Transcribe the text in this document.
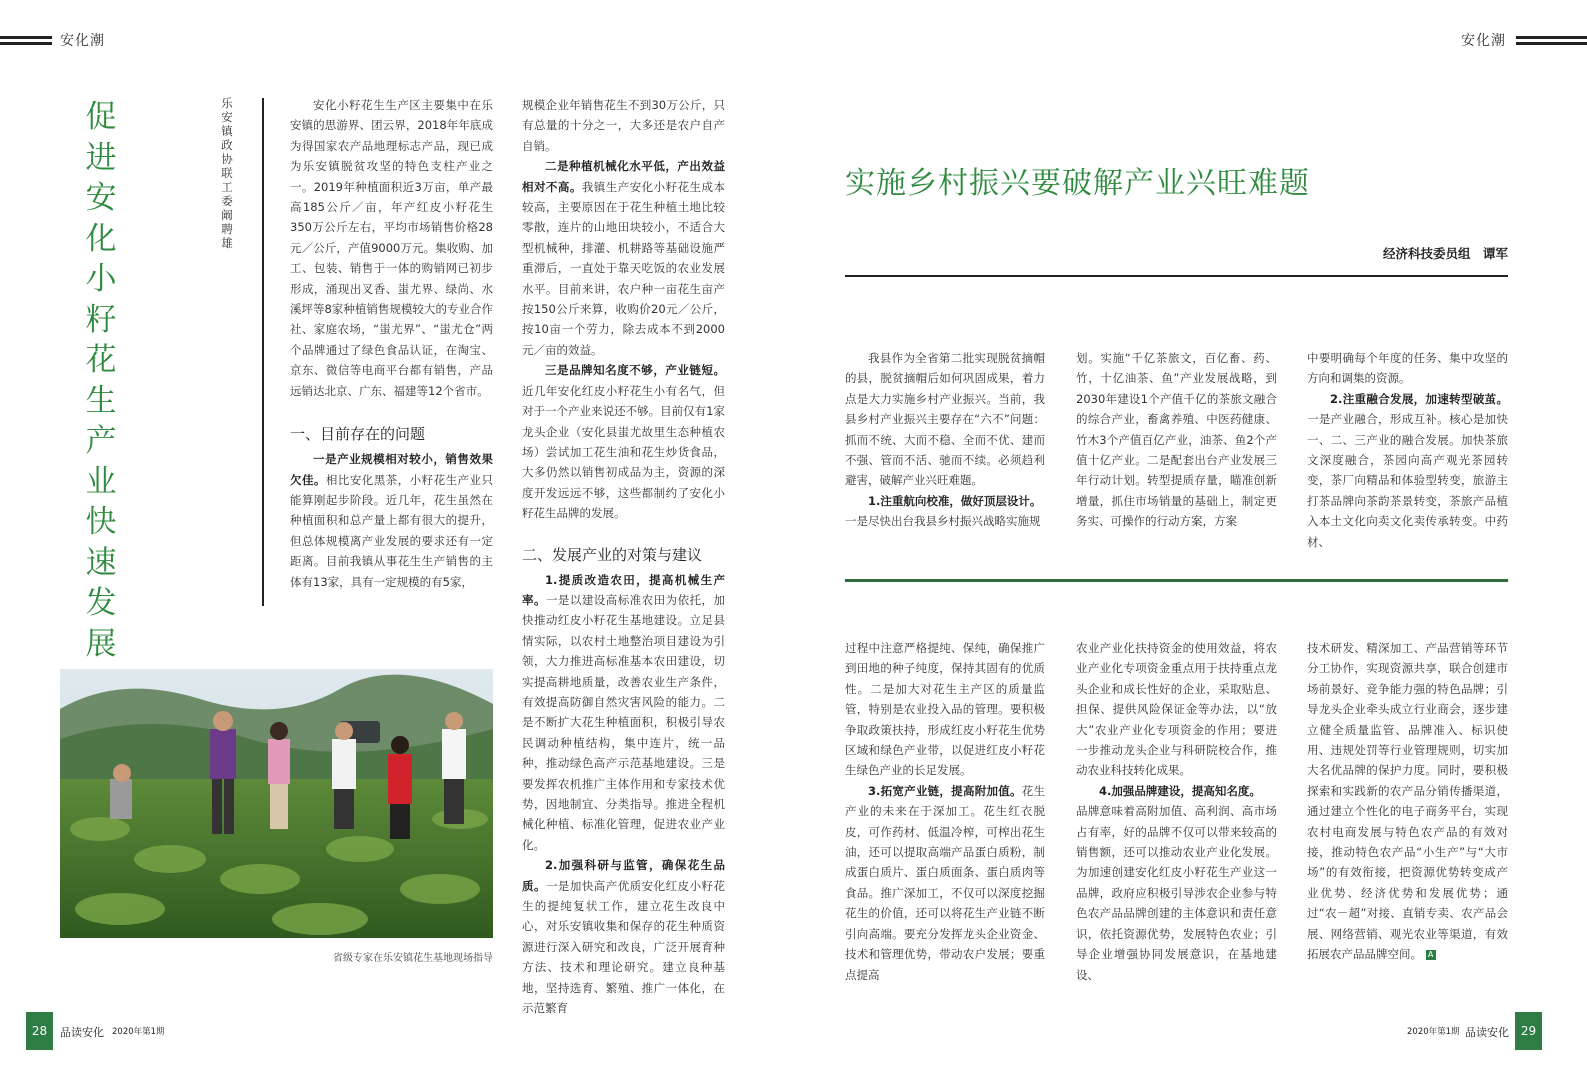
安化潮	安化潮
促
进
安
化
小
籽
花
生
产
业
快
速
发
展
乐安镇政协联工委　阚聘雄

安化小籽花生生产区主要集中在乐安镇的思游界、团云界，2018年年底成为得国家农产品地理标志产品，现已成为乐安镇脱贫攻坚的特色支柱产业之一。2019年种植面积近3万亩，单产最高185公斤／亩，年产红皮小籽花生350万公斤左右，平均市场销售价格28元／公斤，产值9000万元。集收购、加工、包装、销售于一体的购销网已初步形成，涌现出叉香、蚩尤界、绿尚、水溪坪等8家种植销售规模较大的专业合作社、家庭农场，“蚩尤界”、“蚩尤仓”两个品牌通过了绿色食品认证，在淘宝、京东、微信等电商平台都有销售，产品远销达北京、广东、福建等12个省市。

一、目前存在的问题

一是产业规模相对较小，销售效果欠佳。相比安化黑茶，小籽花生产业只能算刚起步阶段。近几年，花生虽然在种植面积和总产量上都有很大的提升，但总体规模离产业发展的要求还有一定距离。目前我镇从事花生生产销售的主体有13家，具有一定规模的有5家，

规模企业年销售花生不到30万公斤，只有总量的十分之一，大多还是农户自产自销。

二是种植机械化水平低，产出效益相对不高。我镇生产安化小籽花生成本较高，主要原因在于花生种植土地比较零散，连片的山地田块较小，不适合大型机械种，排灌、机耕路等基础设施严重滞后，一直处于靠天吃饭的农业发展水平。目前来讲，农户种一亩花生亩产按150公斤来算，收购价20元／公斤，按10亩一个劳力，除去成本不到2000元／亩的效益。

三是品牌知名度不够，产业链短。近几年安化红皮小籽花生小有名气，但对于一个产业来说还不够。目前仅有1家龙头企业（安化县蚩尤故里生态种植农场）尝试加工花生油和花生炒货食品，大多仍然以销售初成品为主，资源的深度开发远远不够，这些都制约了安化小籽花生品牌的发展。

二、发展产业的对策与建议

1.提质改造农田，提高机械生产率。一是以建设高标准农田为依托，加快推动红皮小籽花生基地建设。立足县情实际，以农村土地整治项目建设为引领，大力推进高标准基本农田建设，切实提高耕地质量，改善农业生产条件，有效提高防御自然灾害风险的能力。二是不断扩大花生种植面积，积极引导农民调动种植结构，集中连片，统一品种，推动绿色高产示范基地建设。三是要发挥农机推广主体作用和专家技术优势，因地制宜、分类指导。推进全程机械化种植、标准化管理，促进农业产业化。

2.加强科研与监管，确保花生品质。一是加快高产优质安化红皮小籽花生的提纯复状工作，建立花生改良中心，对乐安镇收集和保存的花生种质资源进行深入研究和改良，广泛开展育种方法、技术和理论研究。建立良种基地，坚持选育、繁殖、推广一体化，在示范繁育

省级专家在乐安镇花生基地现场指导
实施乡村振兴要破解产业兴旺难题
经济科技委员组　谭军

我县作为全省第二批实现脱贫摘帽的县，脱贫摘帽后如何巩固成果，着力点是大力实施乡村产业振兴。当前，我县乡村产业振兴主要存在“六不”问题：抓而不统、大而不稳、全而不优、建而不强、管而不活、驰而不续。必须趋利避害，破解产业兴旺难题。

1.注重航向校准，做好顶层设计。
一是尽快出台我县乡村振兴战略实施规

划。实施“千亿茶旅文，百亿畜、药、竹，十亿油茶、鱼”产业发展战略，到2030年建设1个产值千亿的茶旅文融合的综合产业，畜禽养殖、中医药健康、竹木3个产值百亿产业，油茶、鱼2个产值十亿产业。二是配套出台产业发展三年行动计划。转型提质存量，瞄准创新增量，抓住市场销量的基础上，制定更务实、可操作的行动方案，方案

中要明确每个年度的任务、集中攻坚的方向和调集的资源。

2.注重融合发展，加速转型破茧。一是产业融合，形成互补。核心是加快一、二、三产业的融合发展。加快茶旅文深度融合，茶园向高产观光茶园转变，茶厂向精品和体验型转变，旅游主打茶品牌向茶韵茶景转变，茶旅产品植入本土文化向卖文化卖传承转变。中药材、

过程中注意严格提纯、保纯，确保推广到田地的种子纯度，保持其固有的优质性。二是加大对花生主产区的质量监管，特别是农业投入品的管理。要积极争取政策扶持，形成红皮小籽花生优势区域和绿色产业带，以促进红皮小籽花生绿色产业的长足发展。

3.拓宽产业链，提高附加值。花生产业的未来在于深加工。花生红衣脱皮，可作药材、低温冷榨，可榨出花生油，还可以提取高端产品蛋白质粉，制成蛋白质片、蛋白质面条、蛋白质肉等食品。推广深加工，不仅可以深度挖掘花生的价值，还可以将花生产业链不断引向高端。要充分发挥龙头企业资金、技术和管理优势，带动农户发展；要重点提高

农业产业化扶持资金的使用效益，将农业产业化专项资金重点用于扶持重点龙头企业和成长性好的企业，采取贴息、担保、提供风险保证金等办法，以“放大”农业产业化专项资金的作用；要进一步推动龙头企业与科研院校合作，推动农业科技转化成果。

4.加强品牌建设，提高知名度。
品牌意味着高附加值、高利润、高市场占有率，好的品牌不仅可以带来较高的销售额，还可以推动农业产业化发展。为加速创建安化红皮小籽花生产业这一品牌，政府应积极引导涉农企业参与特色农产品品牌创建的主体意识和责任意识，依托资源优势，发展特色农业；引导企业增强协同发展意识，在基地建设、

技术研发、精深加工、产品营销等环节分工协作，实现资源共享，联合创建市场前景好、竞争能力强的特色品牌；引导龙头企业牵头成立行业商会，逐步建立健全质量监管、品牌准入、标识使用、违规处罚等行业管理规则，切实加大名优品牌的保护力度。同时，要积极探索和实践新的农产品分销传播渠道，通过建立个性化的电子商务平台，实现农村电商发展与特色农产品的有效对接，推动特色农产品“小生产”与“大市场”的有效衔接，把资源优势转变成产业优势、经济优势和发展优势；通过“农－超”对接、直销专卖、农产品会展、网络营销、观光农业等渠道，有效拓展农产品品牌空间。 A

28	品读安化 2020年第1期	2020年第1期 品读安化 29
